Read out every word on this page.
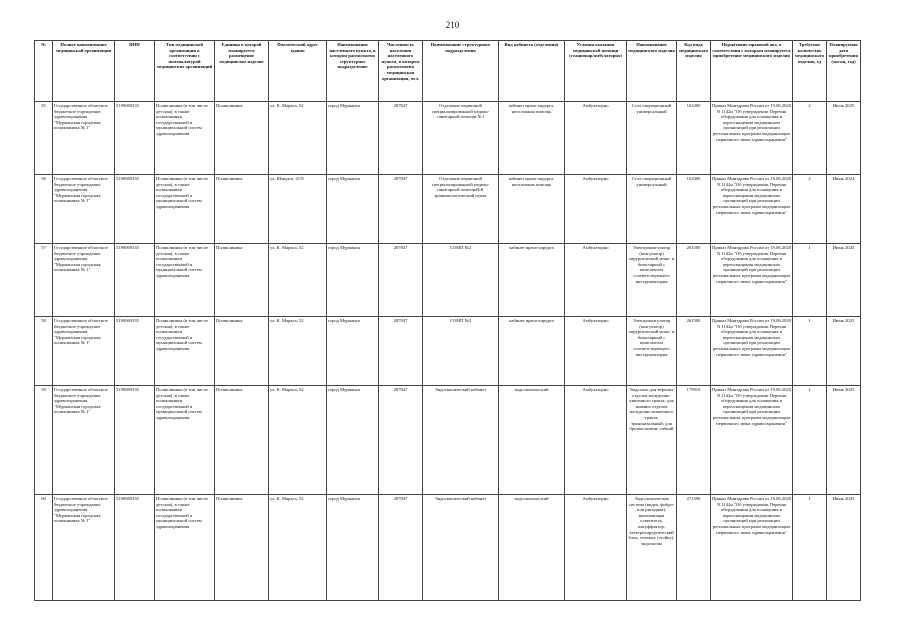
210
№	Полное наименование медицинской организации	ИНН	Тип медицинской организации в соответствии с номенклатурой медицинских организаций	Единица в которой планируется размещение медицинское изделие	Фактический адрес здания	Наименование населенного пункта, в котором расположено структурное подразделение	Численность населения населенного пункта, в котором расположена медицинская организация, чел.	Наименование структурного подразделения	Вид кабинета (отделения)	Условия оказания медицинской помощи (стационар/амбулаторно)	Наименование медицинского изделия	Код вида медицинского изделия	Нормативно-правовой акт, в соответствии с которым планируется приобретение медицинского изделия	Требуемое количество медицинского изделия, ед	Планируемая дата приобретения (месяц, год)
55	Государственное областное бюджетное учреждение здравоохранения "Мурманская городская поликлиника № 1"	5190069335	Поликлиника (в том числе детская), в также поликлиники государственной и муниципальной систем здравоохранения	Поликлиника	ул. К. Маркса, 52	город Мурманск	287847	Отделение первичной специализированной медико-санитарной помощи №1	кабинет врача-хирурга, неотложная помощь	Амбулаторно	Стол операционный универсальный	162400	Приказ Минздрава России от 19.06.2020 N 1142н "Об утверждении Перечня оборудования для оснащения и переоснащения медицинских организаций при реализации региональных программ модернизации первичного звена здравоохранения"	2	Июль 2025
56	Государственное областное бюджетное учреждение здравоохранения "Мурманская городская поликлиника № 1"	5190069335	Поликлиника (в том числе детская), в также поликлиники государственной и муниципальной систем здравоохранения	Поликлиника	ул. Шмидта, 41/9	город Мурманск	287847	Отделение первичной специализированной медико-санитарной помощи№8, травматологический пункт	кабинет врача-хирурга, неотложная помощь	Амбулаторно	Стол операционный универсальный	162400	Приказ Минздрава России от 19.06.2020 N 1142н "Об утверждении Перечня оборудования для оснащения и переоснащения медицинских организаций при реализации региональных программ модернизации первичного звена здравоохранения"	2	Июнь 2024
57	Государственное областное бюджетное учреждение здравоохранения "Мурманская городская поликлиника № 1"	5190069335	Поликлиника (в том числе детская), в также поликлиники государственной и муниципальной систем здравоохранения	Поликлиника	ул. К. Маркса, 52	город Мурманск	287847	СОМП №2	кабинет врача-хирурга	Амбулаторно	Электрокоагулятор (коагулятор) хирургический моно- и биполярный с комплектом соответствующего инструментария	261500	Приказ Минздрава России от 19.06.2020 N 1142н "Об утверждении Перечня оборудования для оснащения и переоснащения медицинских организаций при реализации региональных программ модернизации первичного звена здравоохранения"	1	Июнь 2025
58	Государственное областное бюджетное учреждение здравоохранения "Мурманская городская поликлиника № 1"	5190069335	Поликлиника (в том числе детская), в также поликлиники государственной и муниципальной систем здравоохранения	Поликлиника	ул. К. Маркса, 52	город Мурманск	287847	СОМП №2	кабинет врача-хирурга	Амбулаторно	Электрокоагулятор (коагулятор) хирургический моно- и биполярный с комплектом соответствующего инструментария	261500	Приказ Минздрава России от 19.06.2020 N 1142н "Об утверждении Перечня оборудования для оснащения и переоснащения медицинских организаций при реализации региональных программ модернизации первичного звена здравоохранения"	1	Июнь 2025
59	Государственное областное бюджетное учреждение здравоохранения "Мурманская городская поликлиника № 1"	5190069335	Поликлиника (в том числе детская), в также поликлиники государственной и муниципальной систем здравоохранения	Поликлиника	ул. К. Маркса, 52	город Мурманск	287847	Эндоскопический кабинет	эндоскопический	Амбулаторно	Эндоскоп для верхних отделов желудочно-кишечного тракта; для нижних отделов желудочно-кишечного тракта; трансназальный; для бронхоскопии; гибкий	179910	Приказ Минздрава России от 19.06.2020 N 1142н "Об утверждении Перечня оборудования для оснащения и переоснащения медицинских организаций при реализации региональных программ модернизации первичного звена здравоохранения"	1	Июнь 2025
60	Государственное областное бюджетное учреждение здравоохранения "Мурманская городская поликлиника № 1"	5190069335	Поликлиника (в том числе детская), в также поликлиники государственной и муниципальной систем здравоохранения	Поликлиника	ул. К. Маркса, 52	город Мурманск	287847	Эндоскопический кабинет	эндоскопический	Амбулаторно	Эндоскопическая система (видео, фибро- или ригидная), включающая осветитель, инсуффлятор, электрохирургический блок, тележку (стойку), эндоскопы	271590	Приказ Минздрава России от 19.06.2020 N 1142н "Об утверждении Перечня оборудования для оснащения и переоснащения медицинских организаций при реализации региональных программ модернизации первичного звена здравоохранения"	1	Июнь 2025
